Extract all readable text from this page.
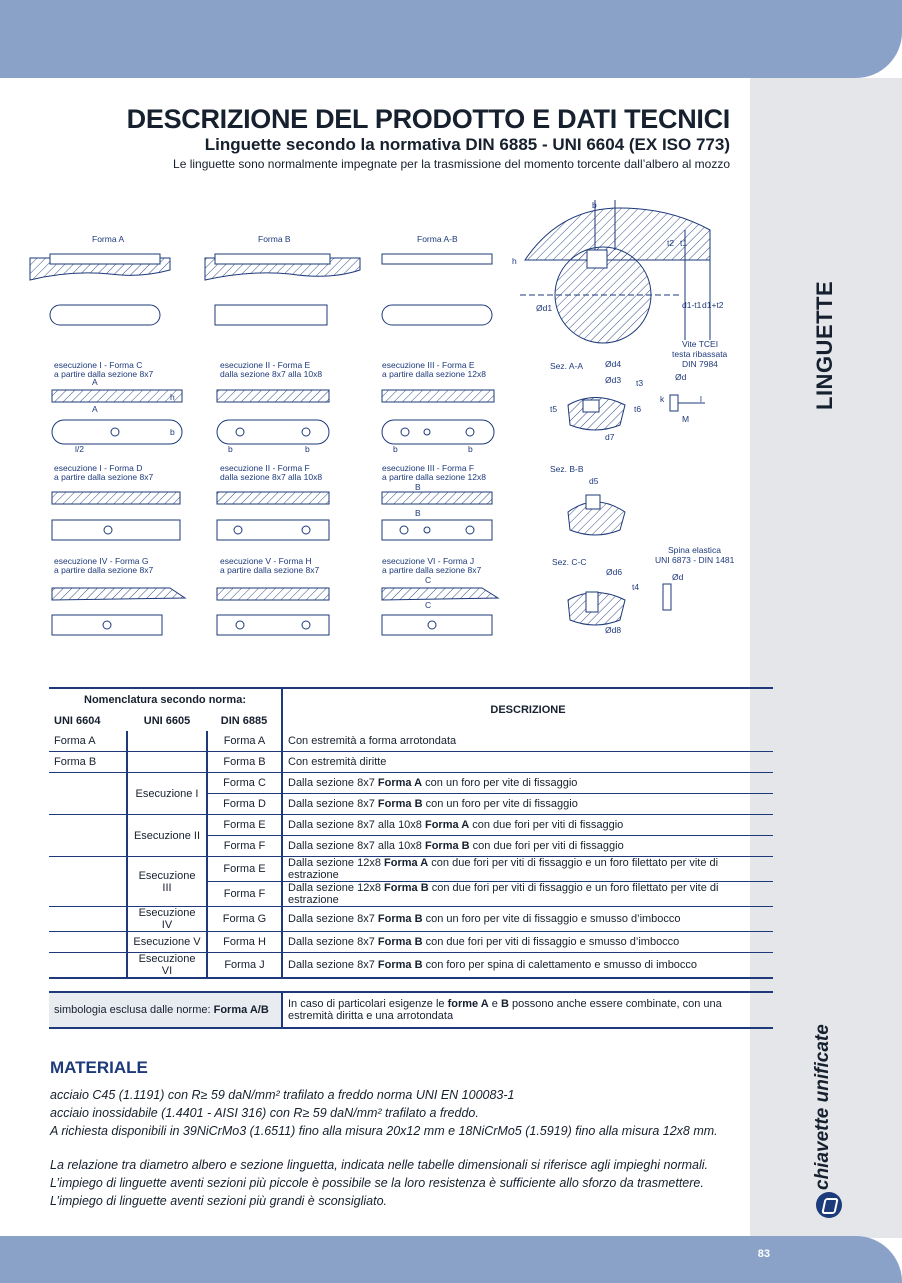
83
LINGUETTE
chiavette unificate
DESCRIZIONE DEL PRODOTTO E DATI TECNICI
Linguette secondo la normativa DIN 6885 - UNI 6604 (EX ISO 773)
Le linguette sono normalmente impegnate per la trasmissione del momento torcente dall’albero al mozzo
Forma A	Forma B	Forma A-B
b
h
t2 t1
Ød1	d1-t1 d1+t2
esecuzione I - Forma C
a partire dalla sezione 8x7
esecuzione II - Forma E
dalla sezione 8x7 alla 10x8
esecuzione III - Forma E
a partire dalla sezione 12x8
A
A
h
b
l/2	b	b	b	b
esecuzione I - Forma D
a partire dalla sezione 8x7
esecuzione II - Forma F
dalla sezione 8x7 alla 10x8
esecuzione III - Forma F
a partire dalla sezione 12x8
B
B
esecuzione IV - Forma G
a partire dalla sezione 8x7
esecuzione V - Forma H
a partire dalla sezione 8x7
esecuzione VI - Forma J
a partire dalla sezione 8x7
C
C
Sez. A-A	Ød4
Ød3 t3
t5	t6
d7
Vite TCEI
testa ribassata
DIN 7984
Ød
k	l
M
Sez. B-B
d5
Sez. C-C
Ød6
t4
Ød8
Spina elastica
UNI 6873 - DIN 1481
Ød
Nomenclatura secondo norma:			DESCRIZIONE
UNI 6604	UNI 6605	DIN 6885	
Forma A		Forma A	Con estremità a forma arrotondata
Forma B		Forma B	Con estremità diritte
	Esecuzione I	Forma C	Dalla sezione 8x7 Forma A con un foro per vite di fissaggio
		Forma D	Dalla sezione 8x7 Forma B con un foro per vite di fissaggio
	Esecuzione II	Forma E	Dalla sezione 8x7 alla 10x8 Forma A con due fori per viti di fissaggio
		Forma F	Dalla sezione 8x7 alla 10x8 Forma B con due fori per viti di fissaggio
	Esecuzione III	Forma E	Dalla sezione 12x8 Forma A con due fori per viti di fissaggio e un foro filettato per vite di estrazione
		Forma F	Dalla sezione 12x8 Forma B con due fori per viti di fissaggio e un foro filettato per vite di estrazione
	Esecuzione IV	Forma G	Dalla sezione 8x7 Forma B con un foro per vite di fissaggio e smusso d’imbocco
	Esecuzione V	Forma H	Dalla sezione 8x7 Forma B con due fori per viti di fissaggio e smusso d’imbocco
	Esecuzione VI	Forma J	Dalla sezione 8x7 Forma B con foro per spina di calettamento e smusso di imbocco

simbologia esclusa dalle norme: Forma A/B			In caso di particolari esigenze le forme A e B possono anche essere combinate, con una estremità diritta e una arrotondata
MATERIALE

acciaio C45 (1.1191) con R≥ 59 daN/mm² trafilato a freddo norma UNI EN 100083-1

acciaio inossidabile (1.4401 - AISI 316) con R≥ 59 daN/mm² trafilato a freddo.

A richiesta disponibili in 39NiCrMo3 (1.6511) fino alla misura 20x12 mm e 18NiCrMo5 (1.5919) fino alla misura 12x8 mm.

La relazione tra diametro albero e sezione linguetta, indicata nelle tabelle dimensionali si riferisce agli impieghi normali.

L’impiego di linguette aventi sezioni più piccole è possibile se la loro resistenza è sufficiente allo sforzo da trasmettere.

L’impiego di linguette aventi sezioni più grandi è sconsigliato.
